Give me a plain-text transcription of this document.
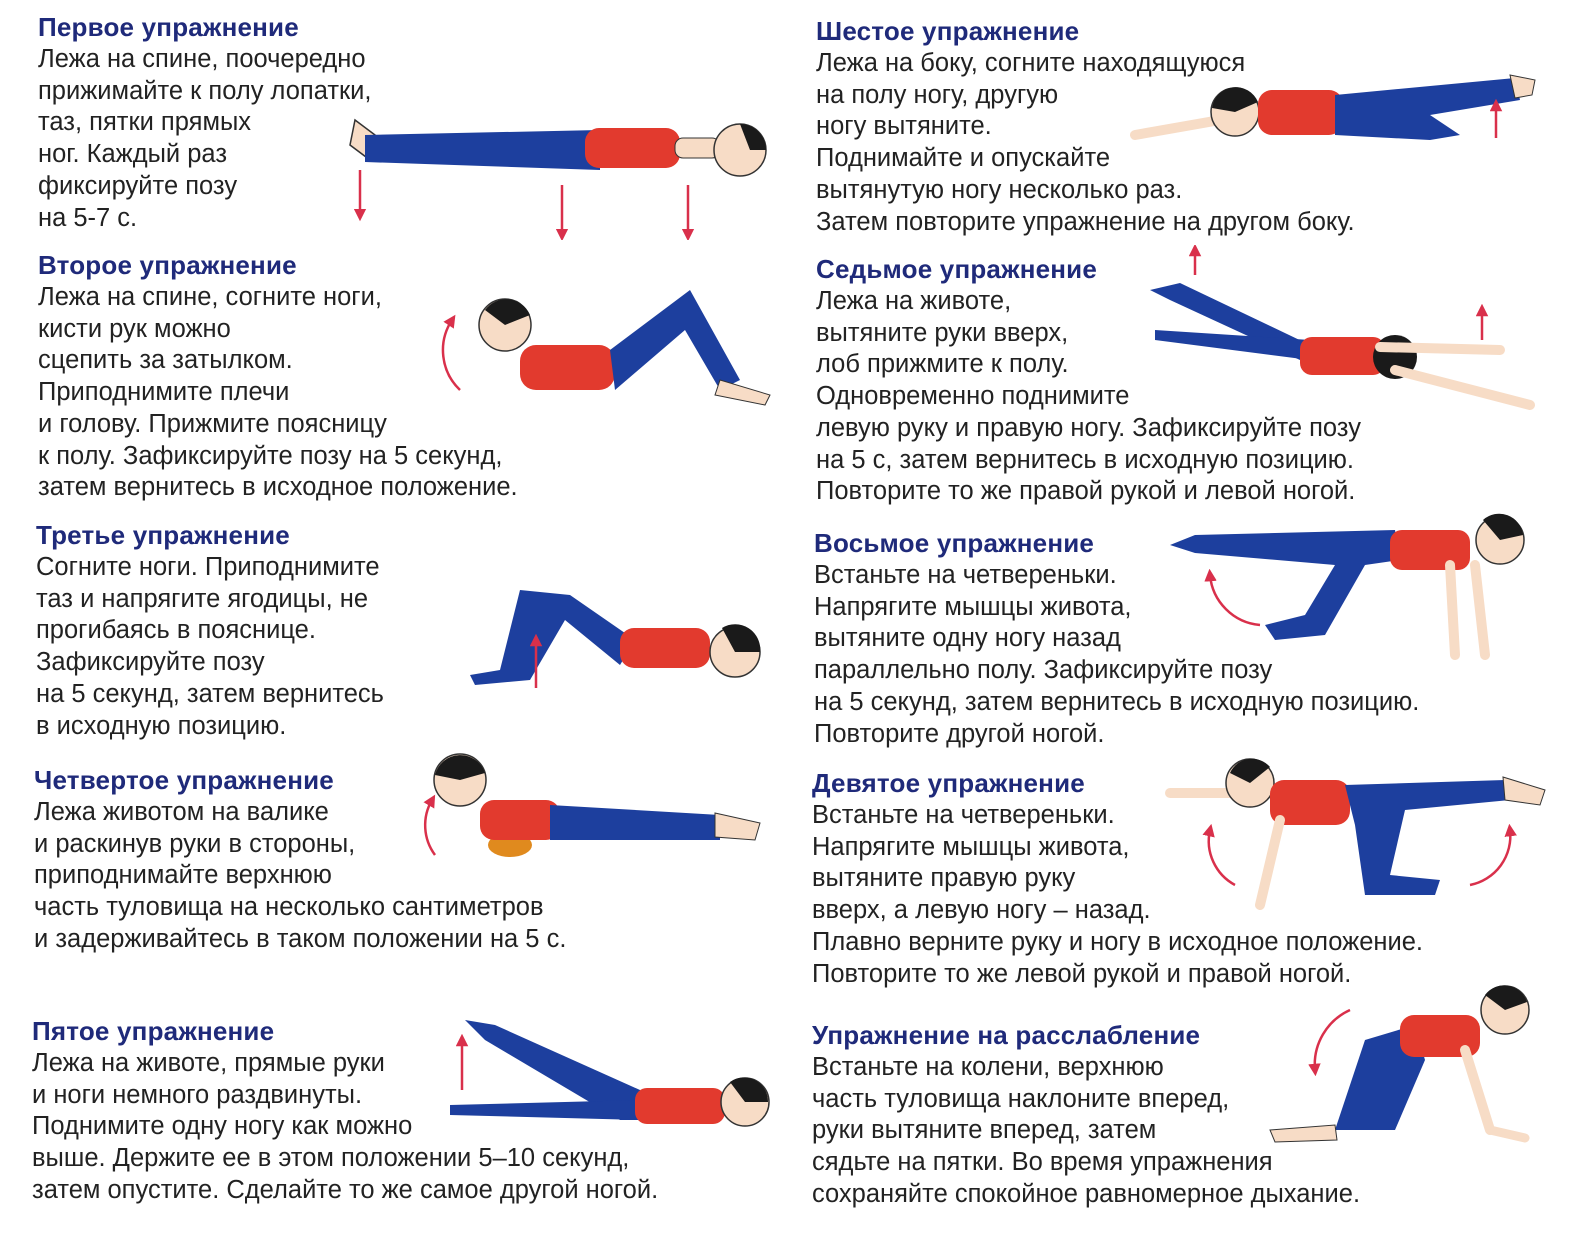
Первое упражнение
Лежа на спине, поочередно
прижимайте к полу лопатки,
таз, пятки прямых
ног. Каждый раз
фиксируйте позу
на 5-7 с.
Второе упражнение
Лежа на спине, согните ноги,
кисти рук можно
сцепить за затылком.
Приподнимите плечи
и голову. Прижмите поясницу
к полу. Зафиксируйте позу на 5 секунд,
затем вернитесь в исходное положение.
Третье упражнение
Согните ноги. Приподнимите
таз и напрягите ягодицы, не
прогибаясь в пояснице.
Зафиксируйте позу
на 5 секунд, затем вернитесь
в исходную позицию.
Четвертое упражнение
Лежа животом на валике
и раскинув руки в стороны,
приподнимайте верхнюю
часть туловища на несколько сантиметров
и задерживайтесь в таком положении на 5 с.
Пятое упражнение
Лежа на животе, прямые руки
и ноги немного раздвинуты.
Поднимите одну ногу как можно
выше. Держите ее в этом положении 5–10 секунд,
затем опустите. Сделайте то же самое другой ногой.
Шестое упражнение
Лежа на боку, согните находящуюся
на полу ногу, другую
ногу вытяните.
Поднимайте и опускайте
вытянутую ногу несколько раз.
Затем повторите упражнение на другом боку.
Седьмое упражнение
Лежа на животе,
вытяните руки вверх,
лоб прижмите к полу.
Одновременно поднимите
левую руку и правую ногу. Зафиксируйте позу
на 5 с, затем вернитесь в исходную позицию.
Повторите то же правой рукой и левой ногой.
Восьмое упражнение
Встаньте на четвереньки.
Напрягите мышцы живота,
вытяните одну ногу назад
параллельно полу. Зафиксируйте позу
на 5 секунд, затем вернитесь в исходную позицию.
Повторите другой ногой.
Девятое упражнение
Встаньте на четвереньки.
Напрягите мышцы живота,
вытяните правую руку
вверх, а левую ногу – назад.
Плавно верните руку и ногу в исходное положение.
Повторите то же левой рукой и правой ногой.
Упражнение на расслабление
Встаньте на колени, верхнюю
часть туловища наклоните вперед,
руки вытяните вперед, затем
сядьте на пятки. Во время упражнения
сохраняйте спокойное равномерное дыхание.
